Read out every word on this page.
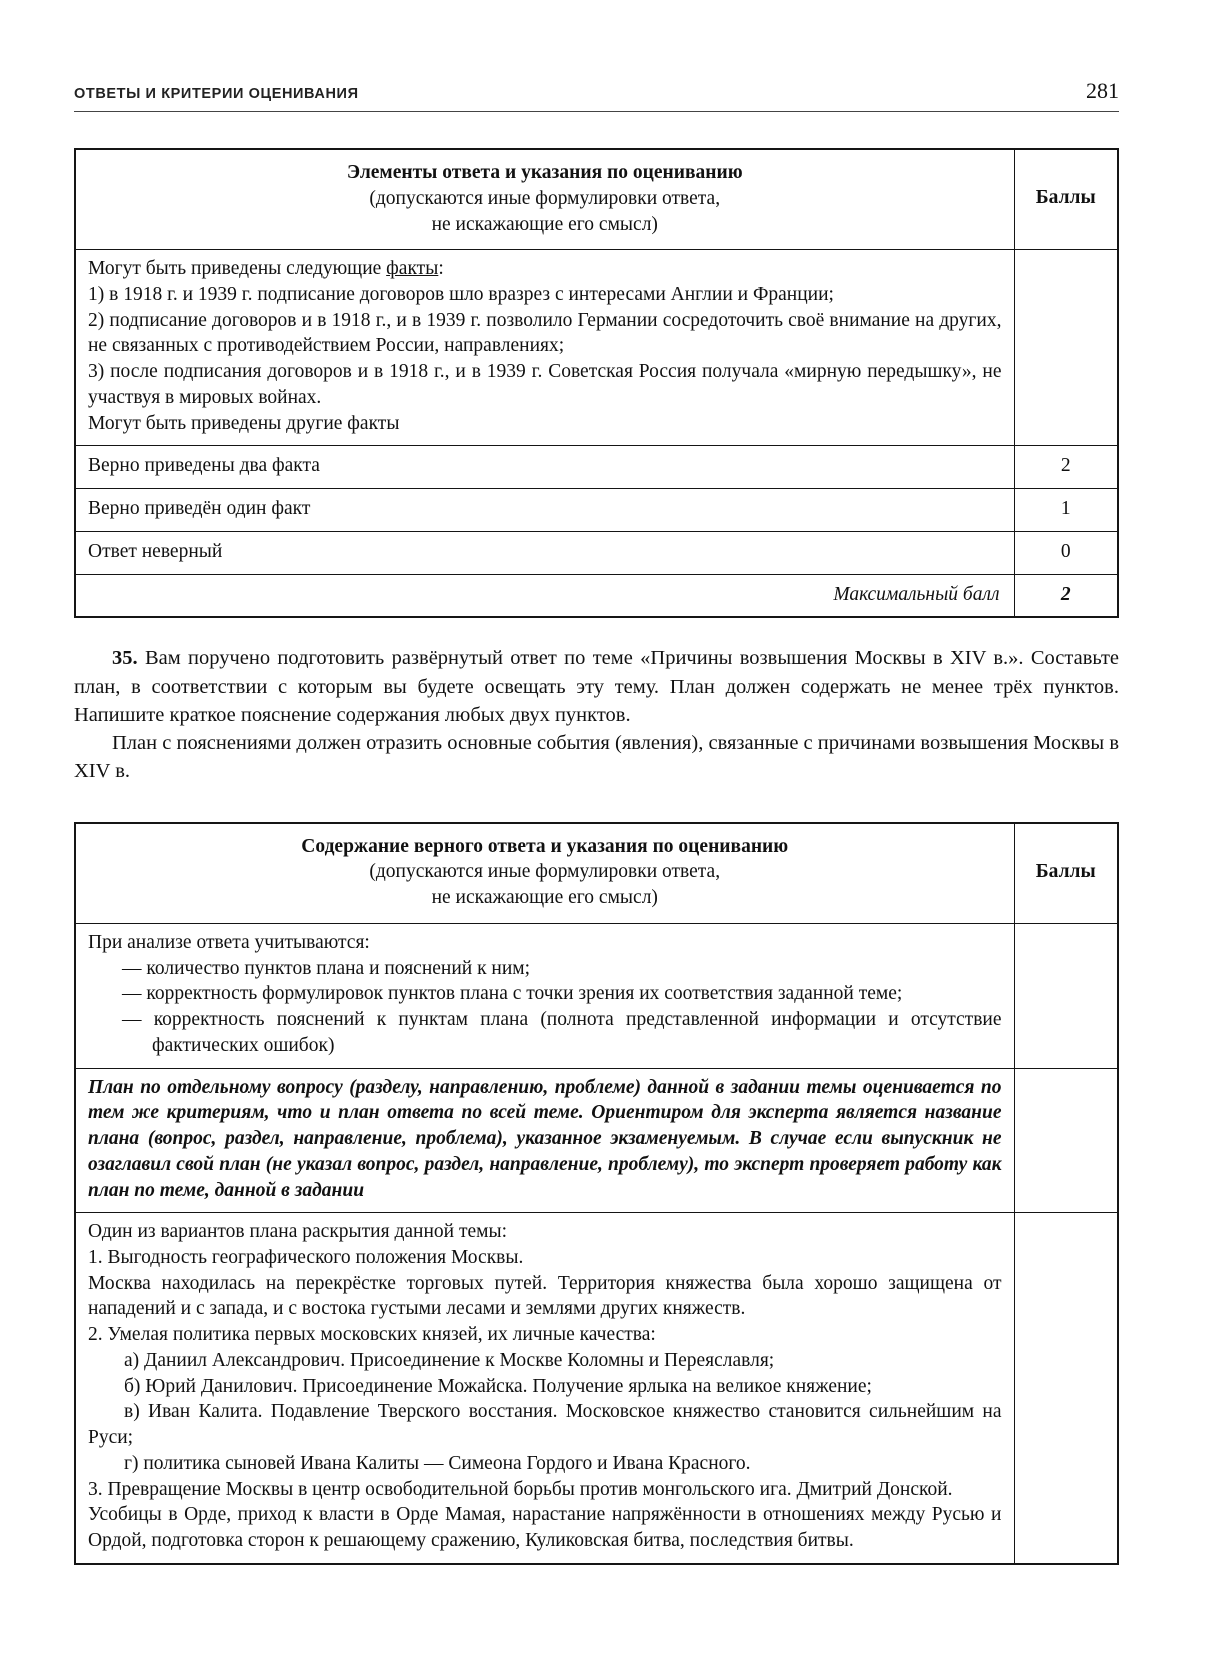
ОТВЕТЫ И КРИТЕРИИ ОЦЕНИВАНИЯ	281
Элементы ответа и указания по оцениванию
(допускаются иные формулировки ответа,
не искажающие его смысл)	Баллы

Могут быть приведены следующие факты:
1) в 1918 г. и 1939 г. подписание договоров шло вразрез с интересами Англии и Франции;
2) подписание договоров и в 1918 г., и в 1939 г. позволило Германии сосредоточить своё внимание на других, не связанных с противодействием России, направлениях;
3) после подписания договоров и в 1918 г., и в 1939 г. Советская Россия получала «мирную передышку», не участвуя в мировых войнах.
Могут быть приведены другие факты	

Верно приведены два факта	2
Верно приведён один факт	1
Ответ неверный	0
Максимальный балл	2

35. Вам поручено подготовить развёрнутый ответ по теме «Причины возвышения Москвы в XIV в.». Составьте план, в соответствии с которым вы будете освещать эту тему. План должен содержать не менее трёх пунктов. Напишите краткое пояснение содержания любых двух пунктов.

План с пояснениями должен отразить основные события (явления), связанные с причинами возвышения Москвы в XIV в.

Содержание верного ответа и указания по оцениванию
(допускаются иные формулировки ответа,
не искажающие его смысл)	Баллы

При анализе ответа учитываются:
— количество пунктов плана и пояснений к ним;
— корректность формулировок пунктов плана с точки зрения их соответствия заданной теме;
— корректность пояснений к пунктам плана (полнота представленной информации и отсутствие фактических ошибок)	

План по отдельному вопросу (разделу, направлению, проблеме) данной в задании темы оценивается по тем же критериям, что и план ответа по всей теме. Ориентиром для эксперта является название плана (вопрос, раздел, направление, проблема), указанное экзаменуемым. В случае если выпускник не озаглавил свой план (не указал вопрос, раздел, направление, проблему), то эксперт проверяет работу как план по теме, данной в задании	

Один из вариантов плана раскрытия данной темы:
1. Выгодность географического положения Москвы.
Москва находилась на перекрёстке торговых путей. Территория княжества была хорошо защищена от нападений и с запада, и с востока густыми лесами и землями других княжеств.
2. Умелая политика первых московских князей, их личные качества:
а) Даниил Александрович. Присоединение к Москве Коломны и Переяславля;
б) Юрий Данилович. Присоединение Можайска. Получение ярлыка на великое княжение;
в) Иван Калита. Подавление Тверского восстания. Московское княжество становится сильнейшим на Руси;
г) политика сыновей Ивана Калиты — Симеона Гордого и Ивана Красного.
3. Превращение Москвы в центр освободительной борьбы против монгольского ига. Дмитрий Донской.
Усобицы в Орде, приход к власти в Орде Мамая, нарастание напряжённости в отношениях между Русью и Ордой, подготовка сторон к решающему сражению, Куликовская битва, последствия битвы.
